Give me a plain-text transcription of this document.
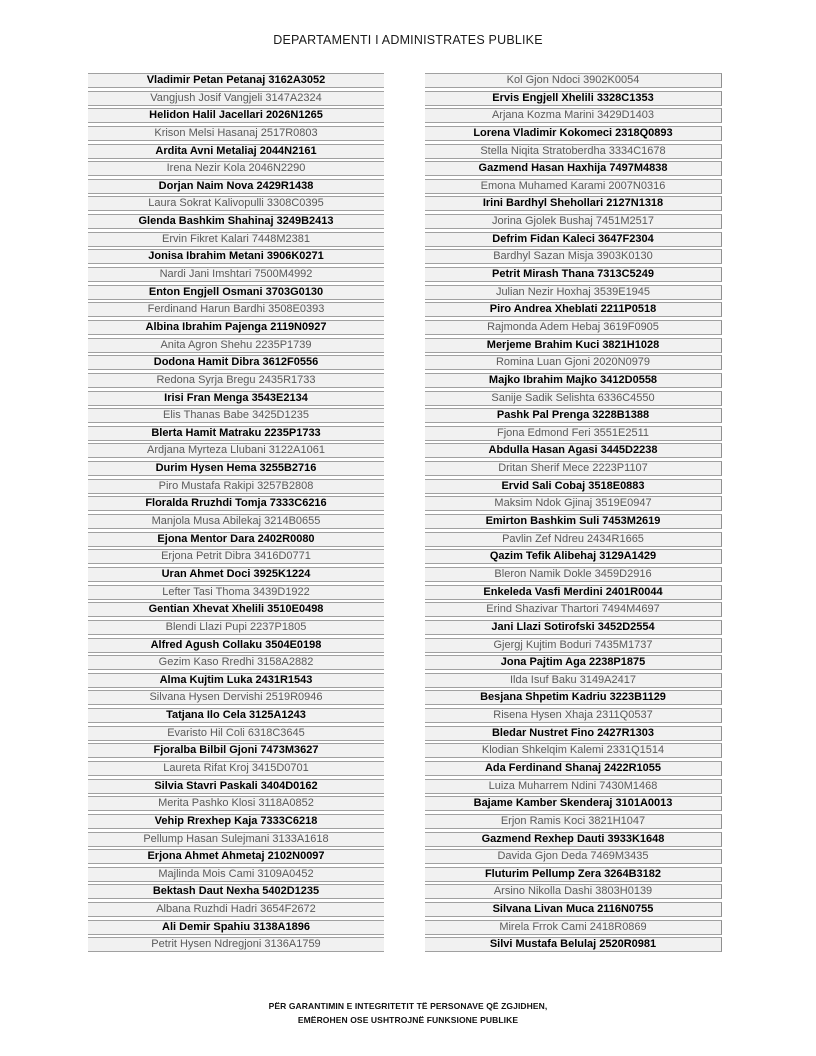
DEPARTAMENTI I ADMINISTRATES PUBLIKE
Vladimir Petan Petanaj 3162A3052
Vangjush Josif Vangjeli 3147A2324
Helidon Halil Jacellari 2026N1265
Krison Melsi Hasanaj 2517R0803
Ardita Avni Metaliaj 2044N2161
Irena Nezir Kola 2046N2290
Dorjan Naim Nova 2429R1438
Laura Sokrat Kalivopulli 3308C0395
Glenda Bashkim Shahinaj 3249B2413
Ervin Fikret Kalari 7448M2381
Jonisa Ibrahim Metani 3906K0271
Nardi Jani Imshtari 7500M4992
Enton Engjell Osmani 3703G0130
Ferdinand Harun Bardhi 3508E0393
Albina Ibrahim Pajenga 2119N0927
Anita Agron Shehu 2235P1739
Dodona Hamit Dibra 3612F0556
Redona Syrja Bregu 2435R1733
Irisi Fran Menga 3543E2134
Elis Thanas Babe 3425D1235
Blerta Hamit Matraku 2235P1733
Ardjana Myrteza Llubani 3122A1061
Durim Hysen Hema 3255B2716
Piro Mustafa Rakipi 3257B2808
Floralda Rruzhdi Tomja 7333C6216
Manjola Musa Abilekaj 3214B0655
Ejona Mentor Dara 2402R0080
Erjona Petrit Dibra 3416D0771
Uran Ahmet Doci 3925K1224
Lefter Tasi Thoma 3439D1922
Gentian Xhevat Xhelili 3510E0498
Blendi Llazi Pupi 2237P1805
Alfred Agush Collaku 3504E0198
Gezim Kaso Rredhi 3158A2882
Alma Kujtim Luka 2431R1543
Silvana Hysen Dervishi 2519R0946
Tatjana Ilo Cela 3125A1243
Evaristo Hil Coli 6318C3645
Fjoralba Bilbil Gjoni 7473M3627
Laureta Rifat Kroj 3415D0701
Silvia Stavri Paskali 3404D0162
Merita Pashko Klosi 3118A0852
Vehip Rrexhep Kaja 7333C6218
Pellump Hasan Sulejmani 3133A1618
Erjona Ahmet Ahmetaj 2102N0097
Majlinda Mois Cami 3109A0452
Bektash Daut Nexha 5402D1235
Albana Ruzhdi Hadri 3654F2672
Ali Demir Spahiu 3138A1896
Petrit Hysen Ndregjoni 3136A1759
Kol Gjon Ndoci 3902K0054
Ervis Engjell Xhelili 3328C1353
Arjana Kozma Marini 3429D1403
Lorena Vladimir Kokomeci 2318Q0893
Stella Niqita Stratoberdha 3334C1678
Gazmend Hasan Haxhija 7497M4838
Emona Muhamed Karami 2007N0316
Irini Bardhyl Shehollari 2127N1318
Jorina Gjolek Bushaj 7451M2517
Defrim Fidan Kaleci 3647F2304
Bardhyl Sazan Misja 3903K0130
Petrit Mirash Thana 7313C5249
Julian Nezir Hoxhaj 3539E1945
Piro Andrea Xheblati 2211P0518
Rajmonda Adem Hebaj 3619F0905
Merjeme Brahim Kuci 3821H1028
Romina Luan Gjoni 2020N0979
Majko Ibrahim Majko 3412D0558
Sanije Sadik Selishta 6336C4550
Pashk Pal Prenga 3228B1388
Fjona Edmond Feri 3551E2511
Abdulla Hasan Agasi 3445D2238
Dritan Sherif Mece 2223P1107
Ervid Sali Cobaj 3518E0883
Maksim Ndok Gjinaj 3519E0947
Emirton Bashkim Suli 7453M2619
Pavlin Zef Ndreu 2434R1665
Qazim Tefik Alibehaj 3129A1429
Bleron Namik Dokle 3459D2916
Enkeleda Vasfi Merdini 2401R0044
Erind Shazivar Thartori 7494M4697
Jani Llazi Sotirofski 3452D2554
Gjergj Kujtim Boduri 7435M1737
Jona Pajtim Aga 2238P1875
Ilda Isuf Baku 3149A2417
Besjana Shpetim Kadriu 3223B1129
Risena Hysen Xhaja 2311Q0537
Bledar Nustret Fino 2427R1303
Klodian Shkelqim Kalemi 2331Q1514
Ada Ferdinand Shanaj 2422R1055
Luiza Muharrem Ndini 7430M1468
Bajame Kamber Skenderaj 3101A0013
Erjon Ramis Koci 3821H1047
Gazmend Rexhep Dauti 3933K1648
Davida Gjon Deda 7469M3435
Fluturim Pellump Zera 3264B3182
Arsino Nikolla Dashi 3803H0139
Silvana Livan Muca 2116N0755
Mirela Frrok Cami 2418R0869
Silvi Mustafa Belulaj 2520R0981
PËR GARANTIMIN E INTEGRITETIT TË PERSONAVE QË ZGJIDHEN,
EMËROHEN OSE USHTROJNË FUNKSIONE PUBLIKE
